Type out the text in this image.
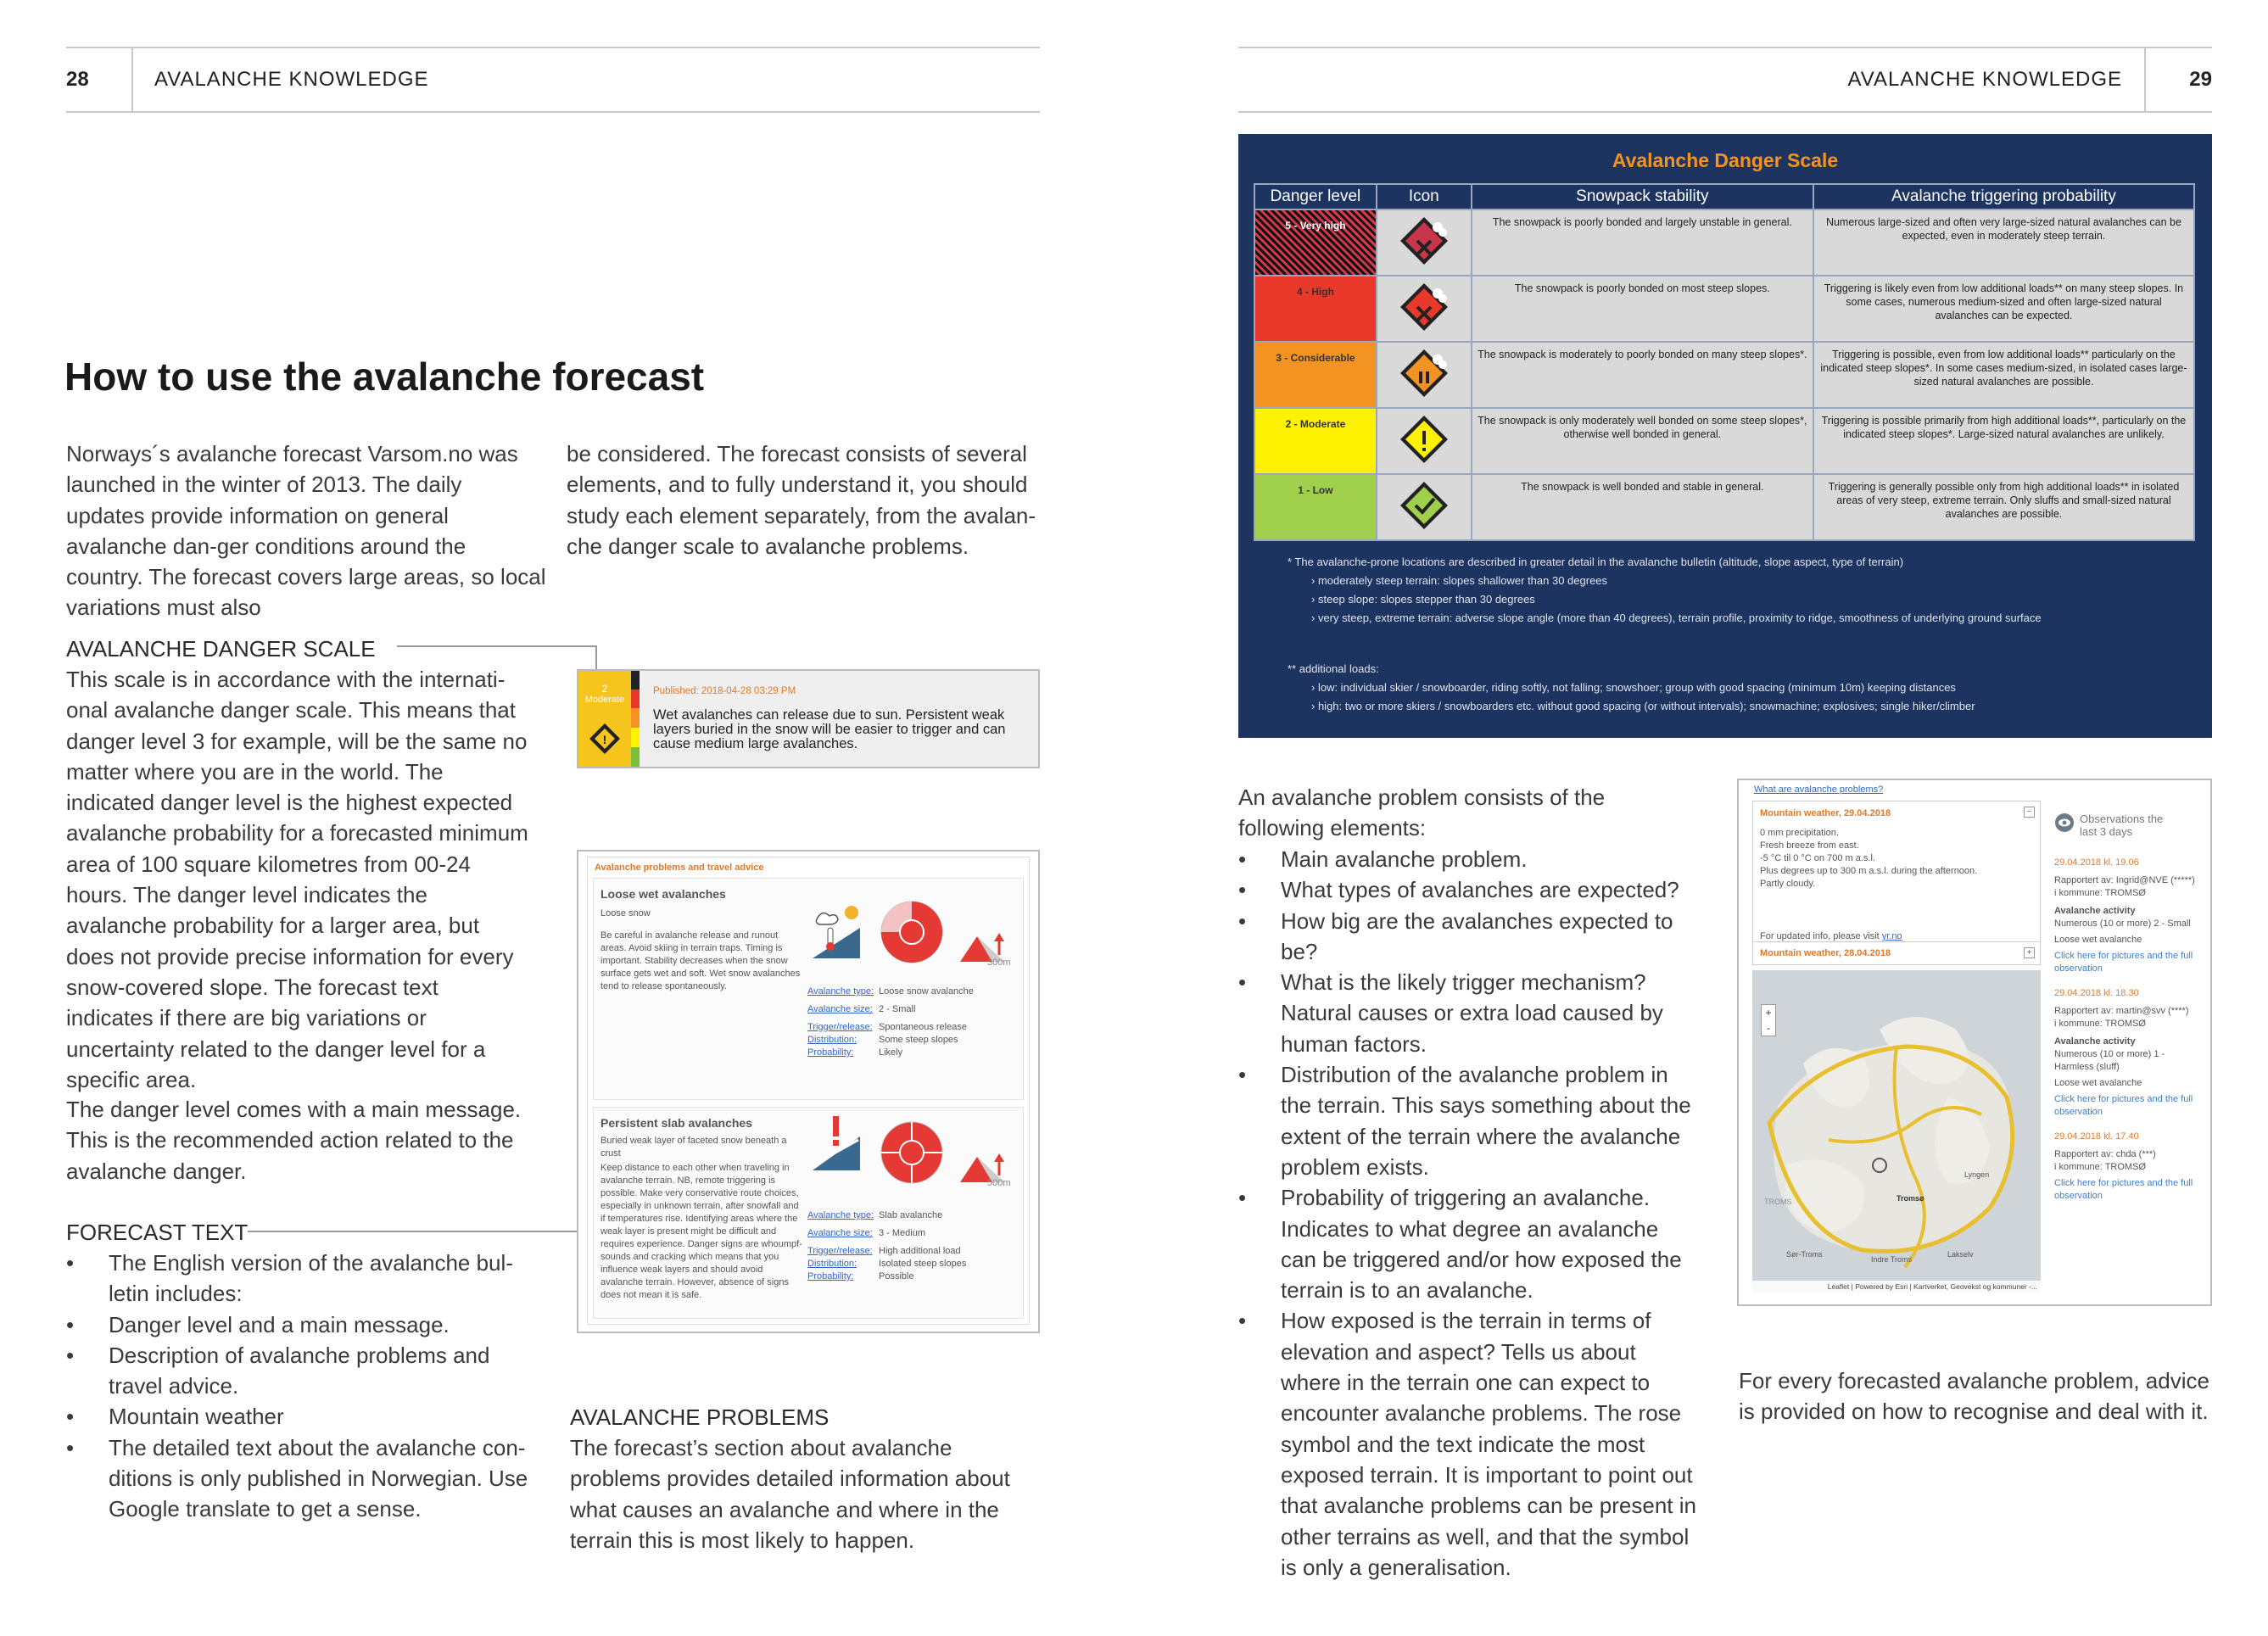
28	AVALANCHE KNOWLEDGE
How to use the avalanche forecast
Norways´s avalanche forecast Varsom.no was launched in the winter of 2013. The daily updates provide information on general avalanche dan-ger conditions around the country. The forecast covers large areas, so local variations must also
be considered. The forecast consists of several elements, and to fully understand it, you should study each element separately, from the avalan-che danger scale to avalanche problems.
AVALANCHE DANGER SCALE
This scale is in accordance with the internati-onal avalanche danger scale. This means that danger level 3 for example, will be the same no matter where you are in the world. The indicated danger level is the highest expected avalanche probability for a forecasted minimum area of 100 square kilometres from 00-24 hours. The danger level indicates the avalanche probability for a larger area, but does not provide precise information for every snow-covered slope. The forecast text indicates if there are big variations or uncertainty related to the danger level for a specific area.
The danger level comes with a main message. This is the recommended action related to the avalanche danger.
FORECAST TEXT
• The English version of the avalanche bul-letin includes:
• Danger level and a main message.
• Description of avalanche problems and travel advice.
• Mountain weather
• The detailed text about the avalanche con-ditions is only published in Norwegian. Use Google translate to get a sense.
AVALANCHE PROBLEMS
The forecast’s section about avalanche problems provides detailed information about what causes an avalanche and where in the terrain this is most likely to happen.
2
Moderate
!
Published: 2018-04-28 03:29 PM
Wet avalanches can release due to sun. Persistent weak layers buried in the snow will be easier to trigger and can cause medium large avalanches.
Avalanche problems and travel advice
Loose wet avalanches
Loose snow
Be careful in avalanche release and runout areas. Avoid skiing in terrain traps. Timing is important. Stability decreases when the snow surface gets wet and soft. Wet snow avalanches tend to release spontaneously.
300m
Avalanche type: Loose snow avalanche
Avalanche size: 2 - Small
Trigger/release: Spontaneous release
Distribution:	Some steep slopes
Probability:	Likely
Persistent slab avalanches
Buried weak layer of faceted snow beneath a crust
Keep distance to each other when traveling in avalanche terrain. NB, remote triggering is possible. Make very conservative route choices, especially in unknown terrain, after snowfall and if temperatures rise. Identifying areas where the weak layer is present might be difficult and requires experience. Danger signs are whoumpf-sounds and cracking which means that you influence weak layers and should avoid avalanche terrain. However, absence of signs does not mean it is safe.
500m
Avalanche type: Slab avalanche
Avalanche size: 3 - Medium
Trigger/release: High additional load
Distribution:	Isolated steep slopes
Probability:	Possible
AVALANCHE KNOWLEDGE	29
Avalanche Danger Scale
Danger level	Icon	Snowpack stability	Avalanche triggering probability
5 - Very high		The snowpack is poorly bonded and largely unstable in general.	Numerous large-sized and often very large-sized natural avalanches can be expected, even in moderately steep terrain.
4 - High		The snowpack is poorly bonded on most steep slopes.	Triggering is likely even from low additional loads** on many steep slopes. In some cases, numerous medium-sized and often large-sized natural avalanches can be expected.
3 - Considerable		The snowpack is moderately to poorly bonded on many steep slopes*.	Triggering is possible, even from low additional loads** particularly on the indicated steep slopes*. In some cases medium-sized, in isolated cases large-sized natural avalanches are possible.
2 - Moderate		The snowpack is only moderately well bonded on some steep slopes*, otherwise well bonded in general.	Triggering is possible primarily from high additional loads**, particularly on the indicated steep slopes*. Large-sized natural avalanches are unlikely.
1 - Low		The snowpack is well bonded and stable in general.	Triggering is generally possible only from high additional loads** in isolated areas of very steep, extreme terrain. Only sluffs and small-sized natural avalanches are possible.
* The avalanche-prone locations are described in greater detail in the avalanche bulletin (altitude, slope aspect, type of terrain)
› moderately steep terrain: slopes shallower than 30 degrees
› steep slope: slopes stepper than 30 degrees
› very steep, extreme terrain: adverse slope angle (more than 40 degrees), terrain profile, proximity to ridge, smoothness of underlying ground surface
** additional loads:
› low: individual skier / snowboarder, riding softly, not falling; snowshoer; group with good spacing (minimum 10m) keeping distances
› high: two or more skiers / snowboarders etc. without good spacing (or without intervals); snowmachine; explosives; single hiker/climber
An avalanche problem consists of the following elements:
• Main avalanche problem.
• What types of avalanches are expected?
• How big are the avalanches expected to be?
• What is the likely trigger mechanism? Natural causes or extra load caused by human factors.
• Distribution of the avalanche problem in the terrain. This says something about the extent of the terrain where the avalanche problem exists.
• Probability of triggering an avalanche. Indicates to what degree an avalanche can be triggered and/or how exposed the terrain is to an avalanche.
• How exposed is the terrain in terms of elevation and aspect? Tells us about where in the terrain one can expect to encounter avalanche problems. The rose symbol and the text indicate the most exposed terrain. It is important to point out that avalanche problems can be present in other terrains as well, and that the symbol is only a generalisation.
What are avalanche problems?
Mountain weather, 29.04.2018	−
0 mm precipitation.
Fresh breeze from east.
-5 °C til 0 °C on 700 m a.s.l.
Plus degrees up to 300 m a.s.l. during the afternoon.
Partly cloudy.
For updated info, please visit yr.no
Mountain weather, 28.04.2018	+
+
-
TROMS	Tromsø
Lyngen
Lakselv
Indre Troms
Sør-Troms
Leaflet | Powered by Esri | Kartverket, Geovekst og kommuner -...
Observations the last 3 days
29.04.2018 kl. 19.06
Rapportert av: Ingrid@NVE (*****)
i kommune: TROMSØ
Avalanche activity
Numerous (10 or more) 2 - Small
Loose wet avalanche
Click here for pictures and the full observation
29.04.2018 kl. 18.30
Rapportert av: martin@svv (****)
i kommune: TROMSØ
Avalanche activity
Numerous (10 or more) 1 - Harmless (sluff)
Loose wet avalanche
Click here for pictures and the full observation
29.04.2018 kl. 17.40
Rapportert av: chda (***)
i kommune: TROMSØ
Click here for pictures and the full observation
For every forecasted avalanche problem, advice is provided on how to recognise and deal with it.
